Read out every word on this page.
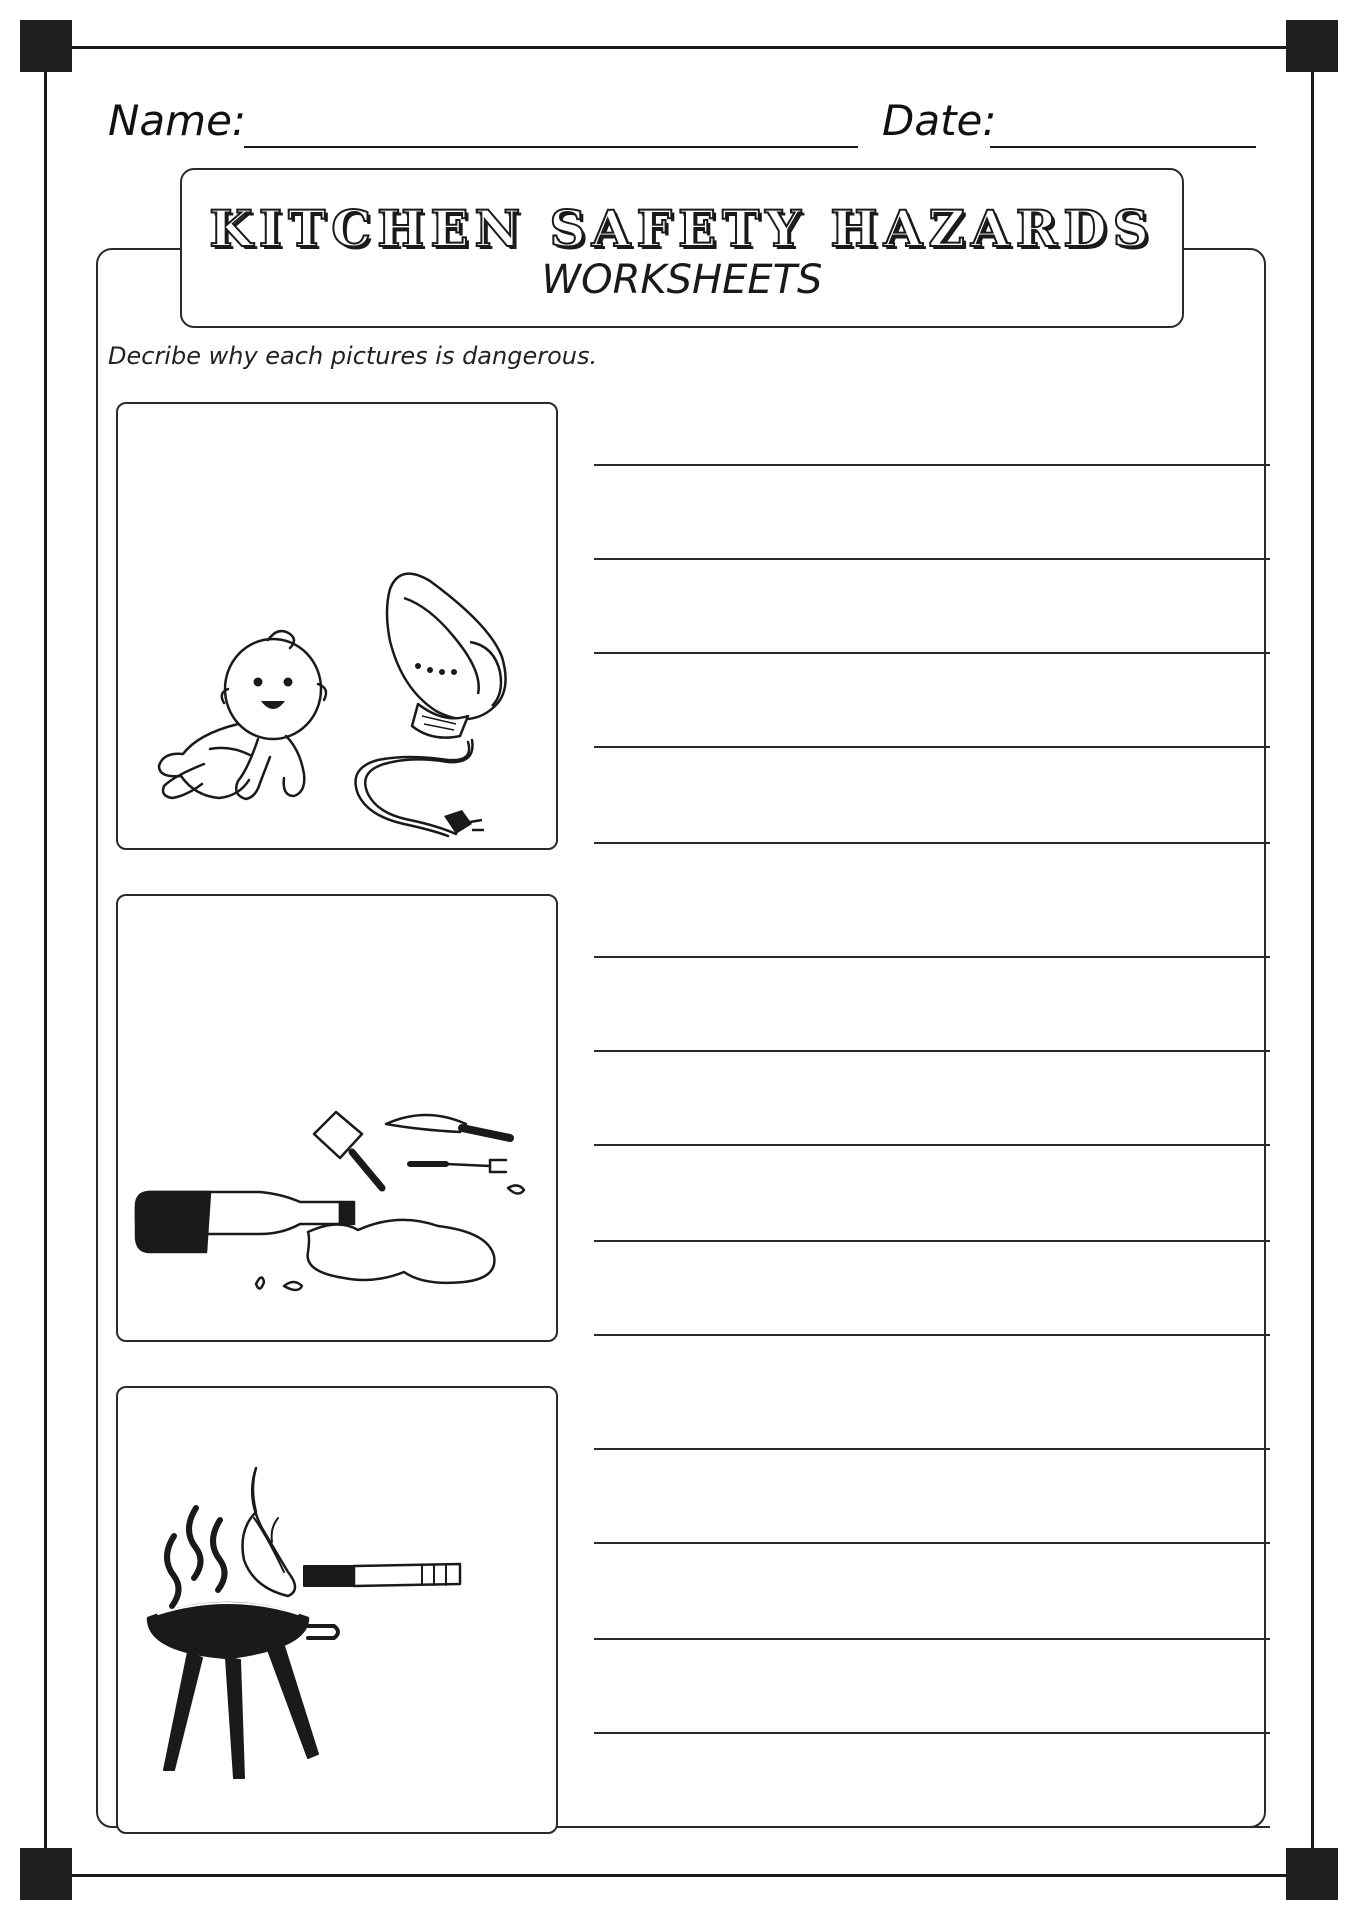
Name:	Date:
KITCHEN SAFETY HAZARDS
WORKSHEETS
Decribe why each pictures is dangerous.
